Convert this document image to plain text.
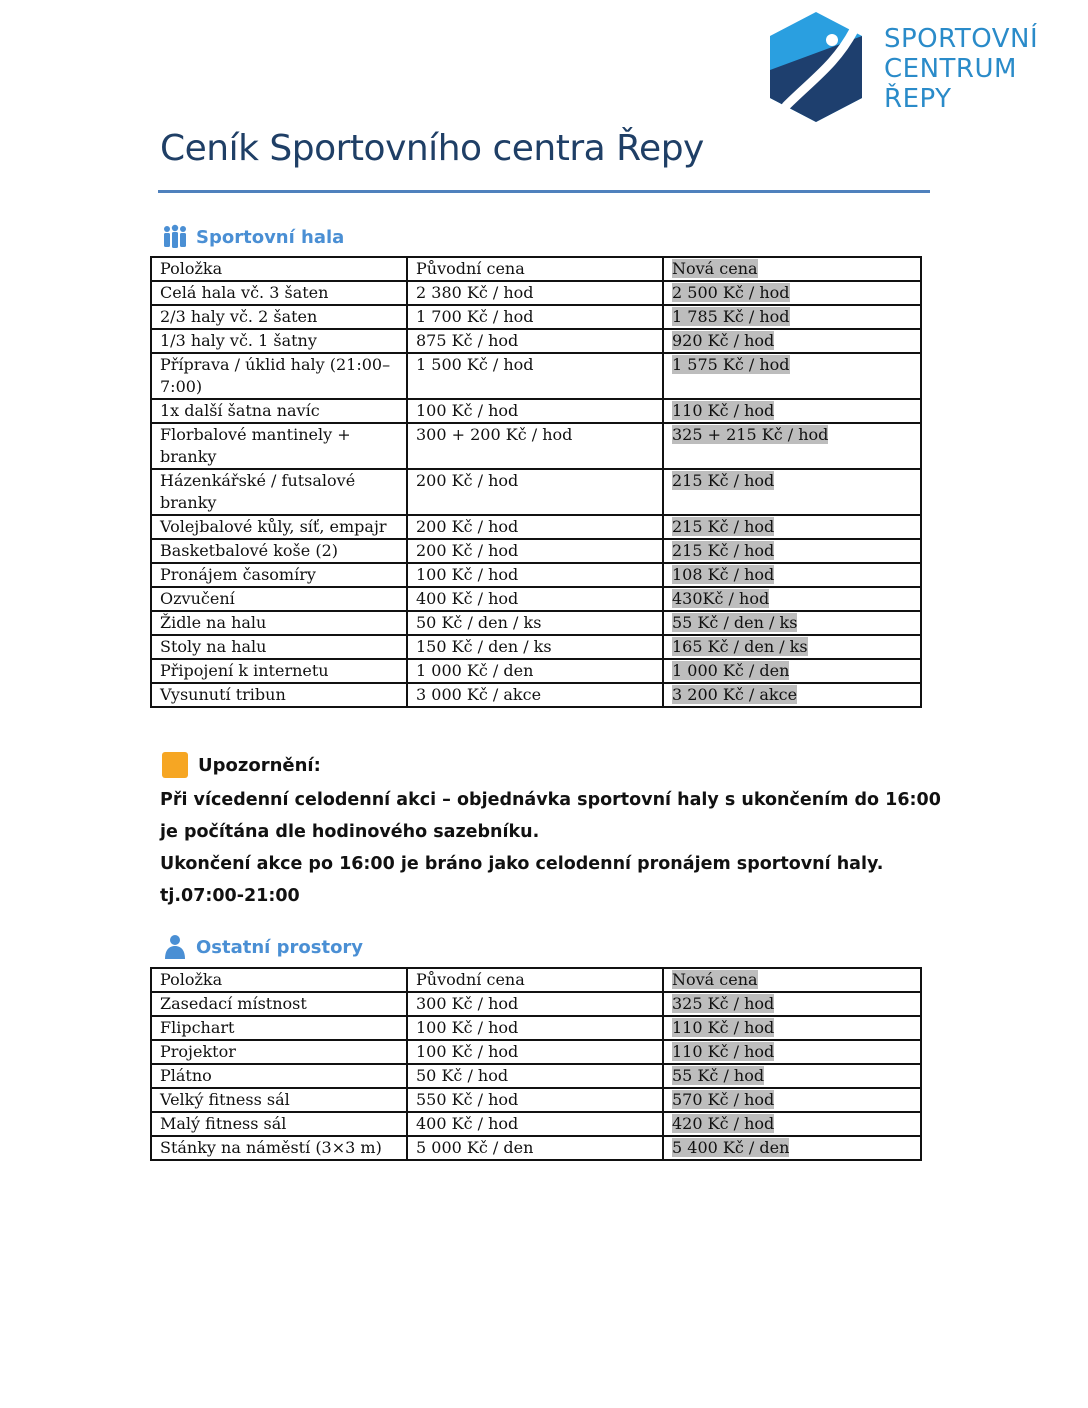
SPORTOVNÍ
CENTRUM
ŘEPY
Ceník Sportovního centra Řepy
Sportovní hala
Položka	Původní cena	Nová cena
Celá hala vč. 3 šaten	2 380 Kč / hod	2 500 Kč / hod
2/3 haly vč. 2 šaten	1 700 Kč / hod	1 785 Kč / hod
1/3 haly vč. 1 šatny	875 Kč / hod	920 Kč / hod
Příprava / úklid haly (21:00–7:00)	1 500 Kč / hod	1 575 Kč / hod
1x další šatna navíc	100 Kč / hod	110 Kč / hod
Florbalové mantinely + branky	300 + 200 Kč / hod	325 + 215 Kč / hod
Házenkářské / futsalové branky	200 Kč / hod	215 Kč / hod
Volejbalové kůly, síť, empajr	200 Kč / hod	215 Kč / hod
Basketbalové koše (2)	200 Kč / hod	215 Kč / hod
Pronájem časomíry	100 Kč / hod	108 Kč / hod
Ozvučení	400 Kč / hod	430Kč / hod
Židle na halu	50 Kč / den / ks	55 Kč / den / ks
Stoly na halu	150 Kč / den / ks	165 Kč / den / ks
Připojení k internetu	1 000 Kč / den	1 000 Kč / den
Vysunutí tribun	3 000 Kč / akce	3 200 Kč / akce
Upozornění:
Při vícedenní celodenní akci – objednávka sportovní haly s ukončením do 16:00
je počítána dle hodinového sazebníku.
Ukončení akce po 16:00 je bráno jako celodenní pronájem sportovní haly.
tj.07:00-21:00
Ostatní prostory
Položka	Původní cena	Nová cena
Zasedací místnost	300 Kč / hod	325 Kč / hod
Flipchart	100 Kč / hod	110 Kč / hod
Projektor	100 Kč / hod	110 Kč / hod
Plátno	50 Kč / hod	55 Kč / hod
Velký fitness sál	550 Kč / hod	570 Kč / hod
Malý fitness sál	400 Kč / hod	420 Kč / hod
Stánky na náměstí (3×3 m)	5 000 Kč / den	5 400 Kč / den
